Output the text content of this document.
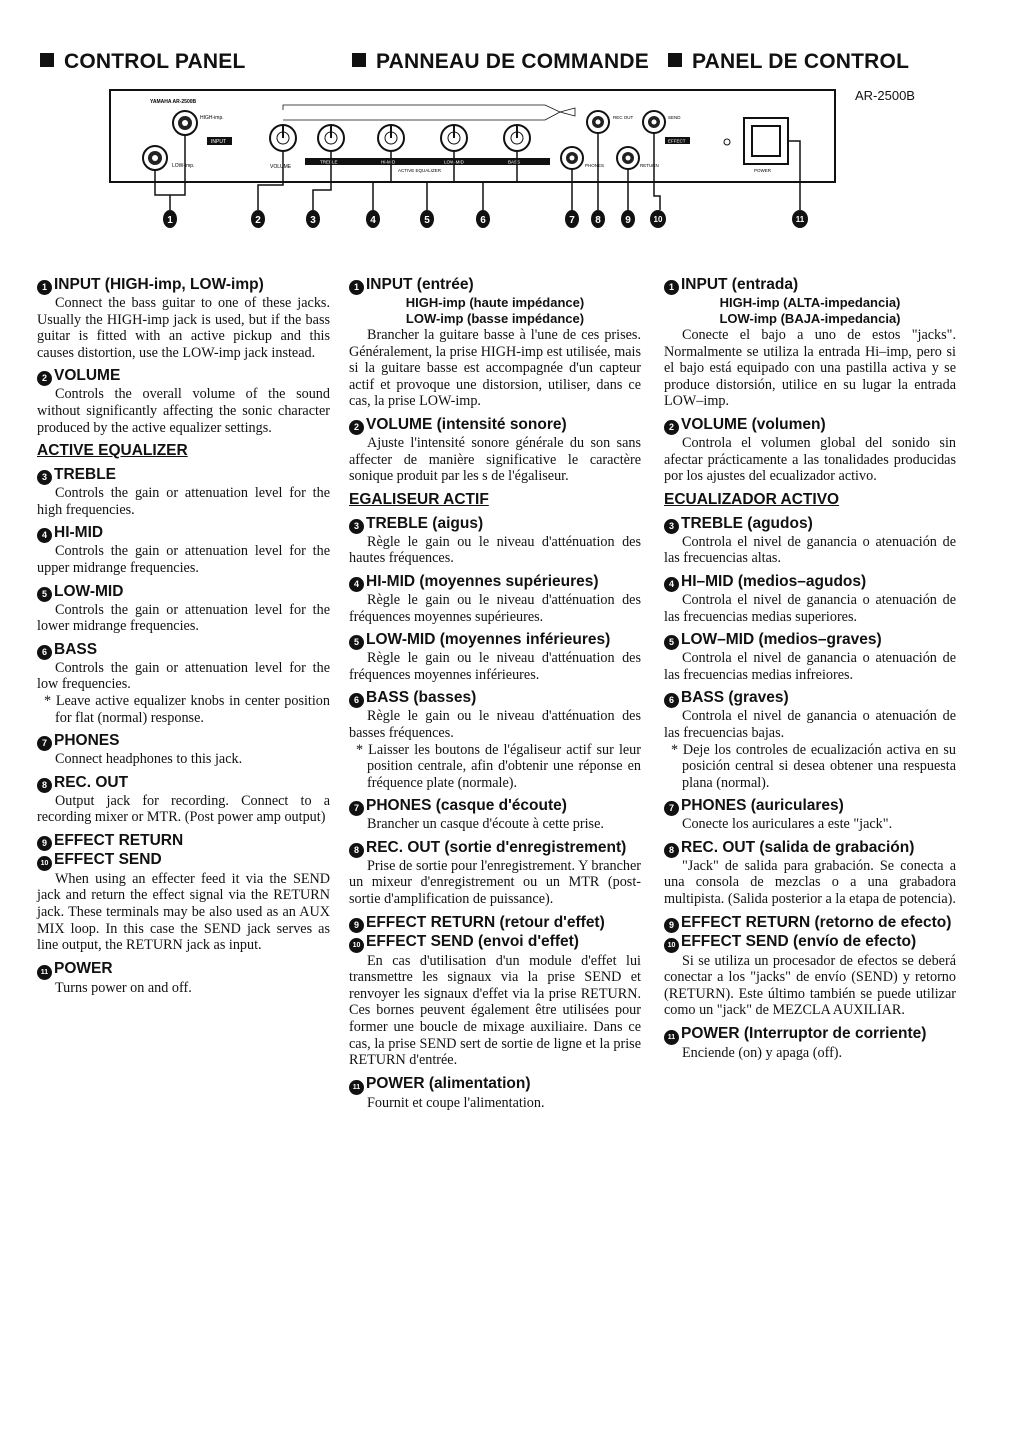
CONTROL PANEL	PANNEAU DE COMMANDE	PANEL DE CONTROL
AR-2500B
YAMAHA AR-2500B
HIGH-imp.
LOW-imp.
INPUT
VOLUME
TREBLE	HI-MID	LOW-MID	BASS
ACTIVE EQUALIZER
PHONES
REC OUT
RETURN
SEND
EFFECT
POWER
1	2	3	4	5	6	7 8 9	10	11
1 INPUT (HIGH-imp, LOW-imp)
Connect the bass guitar to one of these jacks. Usually the HIGH-imp jack is used, but if the bass guitar is fitted with an active pickup and this causes distortion, use the LOW-imp jack instead.
2 VOLUME
Controls the overall volume of the sound without significantly affecting the sonic character produced by the active equalizer settings.
ACTIVE EQUALIZER
3 TREBLE
Controls the gain or attenuation level for the high frequencies.
4 HI-MID
Controls the gain or attenuation level for the upper midrange frequencies.
5 LOW-MID
Controls the gain or attenuation level for the lower midrange frequencies.
6 BASS
Controls the gain or attenuation level for the low frequencies.
* Leave active equalizer knobs in center position for flat (normal) response.
7 PHONES
Connect headphones to this jack.
8 REC. OUT
Output jack for recording. Connect to a recording mixer or MTR. (Post power amp output)
9 EFFECT RETURN
10 EFFECT SEND
When using an effecter feed it via the SEND jack and return the effect signal via the RETURN jack. These terminals may be also used as an AUX MIX loop. In this case the SEND jack serves as line output, the RETURN jack as input.
11 POWER
Turns power on and off.
1 INPUT (entrée)
HIGH-imp (haute impédance)
LOW-imp (basse impédance)
Brancher la guitare basse à l'une de ces prises. Généralement, la prise HIGH-imp est utilisée, mais si la guitare basse est accompagnée d'un capteur actif et provoque une distorsion, utiliser, dans ce cas, la prise LOW-imp.
2 VOLUME (intensité sonore)
Ajuste l'intensité sonore générale du son sans affecter de manière significative le caractère sonique produit par les s de l'égaliseur.
EGALISEUR ACTIF
3 TREBLE (aigus)
Règle le gain ou le niveau d'atténuation des hautes fréquences.
4 HI-MID (moyennes supérieures)
Règle le gain ou le niveau d'atténuation des fréquences moyennes supérieures.
5 LOW-MID (moyennes inférieures)
Règle le gain ou le niveau d'atténuation des fréquences moyennes inférieures.
6 BASS (basses)
Règle le gain ou le niveau d'atténuation des basses fréquences.
* Laisser les boutons de l'égaliseur actif sur leur position centrale, afin d'obtenir une réponse en fréquence plate (normale).
7 PHONES (casque d'écoute)
Brancher un casque d'écoute à cette prise.
8 REC. OUT (sortie d'enregistrement)
Prise de sortie pour l'enregistrement. Y brancher un mixeur d'enregistrement ou un MTR (post-sortie d'amplification de puissance).
9 EFFECT RETURN (retour d'effet)
10 EFFECT SEND (envoi d'effet)
En cas d'utilisation d'un module d'effet lui transmettre les signaux via la prise SEND et renvoyer les signaux d'effet via la prise RETURN. Ces bornes peuvent également être utilisées pour former une boucle de mixage auxiliaire. Dans ce cas, la prise SEND sert de sortie de ligne et la prise RETURN d'entrée.
11 POWER (alimentation)
Fournit et coupe l'alimentation.
1 INPUT (entrada)
HIGH-imp (ALTA-impedancia)
LOW-imp (BAJA-impedancia)
Conecte el bajo a uno de estos "jacks". Normalmente se utiliza la entrada Hi–imp, pero si el bajo está equipado con una pastilla activa y se produce distorsión, utilice en su lugar la entrada LOW–imp.
2 VOLUME (volumen)
Controla el volumen global del sonido sin afectar prácticamente a las tonalidades producidas por los ajustes del ecualizador activo.
ECUALIZADOR ACTIVO
3 TREBLE (agudos)
Controla el nivel de ganancia o atenuación de las frecuencias altas.
4 HI–MID (medios–agudos)
Controla el nivel de ganancia o atenuación de las frecuencias medias superiores.
5 LOW–MID (medios–graves)
Controla el nivel de ganancia o atenuación de las frecuencias medias infreiores.
6 BASS (graves)
Controla el nivel de ganancia o atenuación de las frecuencias bajas.
* Deje los controles de ecualización activa en su posición central si desea obtener una respuesta plana (normal).
7 PHONES (auriculares)
Conecte los auriculares a este "jack".
8 REC. OUT (salida de grabación)
"Jack" de salida para grabación. Se conecta a una consola de mezclas o a una grabadora multipista. (Salida posterior a la etapa de potencia).
9 EFFECT RETURN (retorno de efecto)
10 EFFECT SEND (envío de efecto)
Si se utiliza un procesador de efectos se deberá conectar a los "jacks" de envío (SEND) y retorno (RETURN). Este último también se puede utilizar como un "jack" de MEZCLA AUXILIAR.
11 POWER (Interruptor de corriente)
Enciende (on) y apaga (off).
